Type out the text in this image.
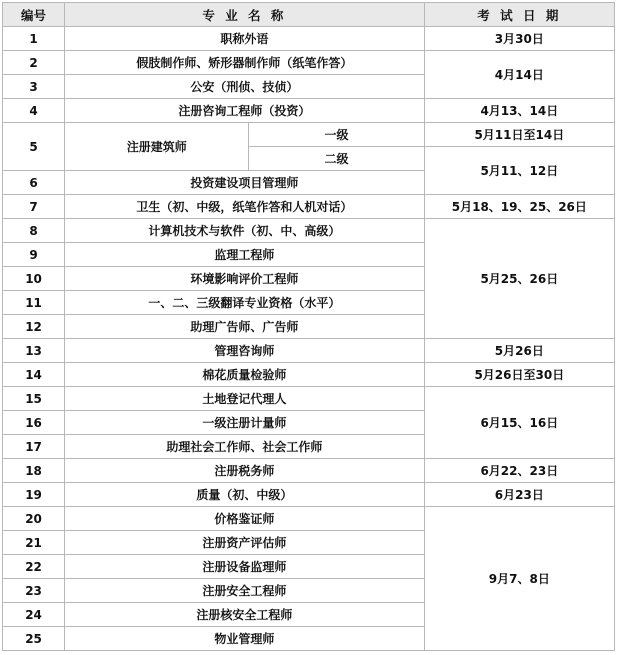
编号	专 业 名 称		考 试 日 期
1	职称外语		3月30日
2	假肢制作师、矫形器制作师（纸笔作答）		4月14日
3	公安（刑侦、技侦）		
4	注册咨询工程师（投资）		4月13、14日
5	注册建筑师	一级	5月11日至14日
		二级	5月11、12日
6	投资建设项目管理师		
7	卫生（初、中级，纸笔作答和人机对话）		5月18、19、25、26日
8	计算机技术与软件（初、中、高级）		5月25、26日
9	监理工程师		
10	环境影响评价工程师		
11	一、二、三级翻译专业资格（水平）		
12	助理广告师、广告师		
13	管理咨询师		5月26日
14	棉花质量检验师		5月26日至30日
15	土地登记代理人		6月15、16日
16	一级注册计量师		
17	助理社会工作师、社会工作师		
18	注册税务师		6月22、23日
19	质量（初、中级）		6月23日
20	价格鉴证师		9月7、8日
21	注册资产评估师		
22	注册设备监理师		
23	注册安全工程师		
24	注册核安全工程师		
25	物业管理师		
